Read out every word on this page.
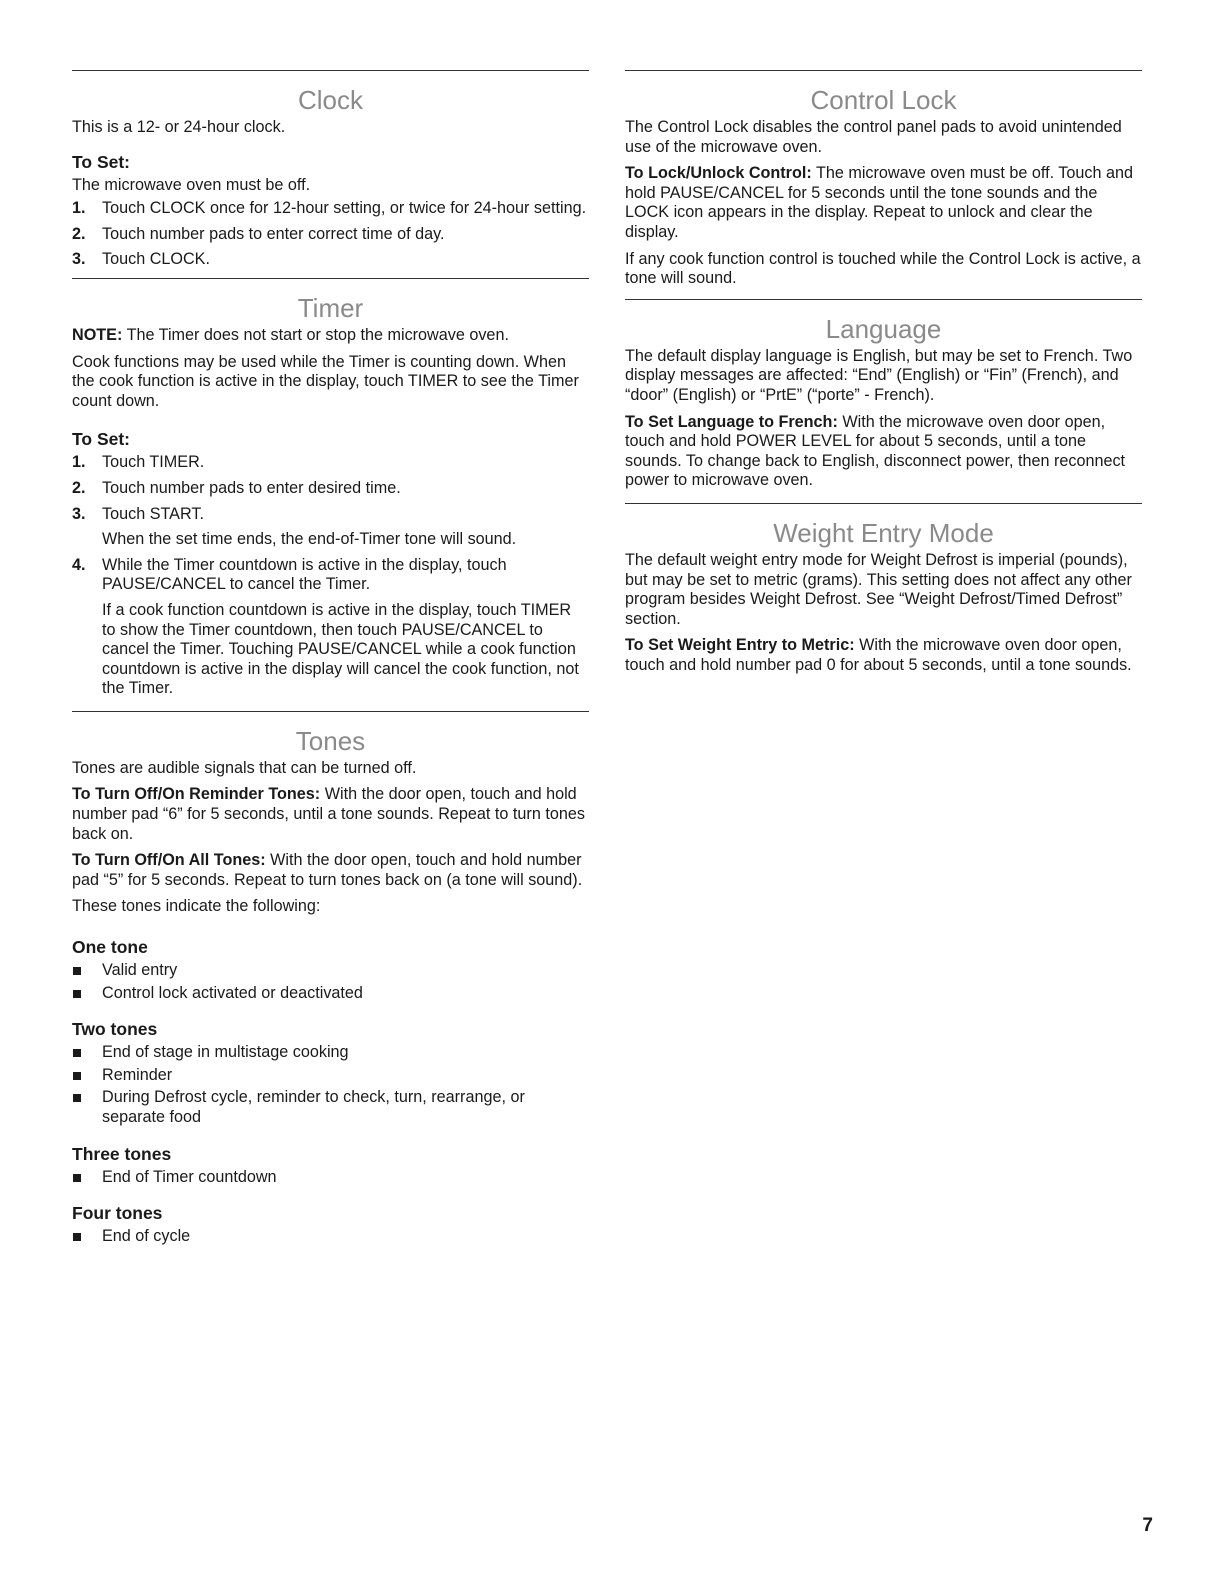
Clock

This is a 12- or 24-hour clock.

To Set:

The microwave oven must be off.

1. Touch CLOCK once for 12-hour setting, or twice for 24-hour setting.
2. Touch number pads to enter correct time of day.
3. Touch CLOCK.
Timer

NOTE: The Timer does not start or stop the microwave oven.

Cook functions may be used while the Timer is counting down. When the cook function is active in the display, touch TIMER to see the Timer count down.

To Set:
1. Touch TIMER.
2. Touch number pads to enter desired time.
3. Touch START.
When the set time ends, the end-of-Timer tone will sound.
4. While the Timer countdown is active in the display, touch PAUSE/CANCEL to cancel the Timer.
If a cook function countdown is active in the display, touch TIMER to show the Timer countdown, then touch PAUSE/CANCEL to cancel the Timer. Touching PAUSE/CANCEL while a cook function countdown is active in the display will cancel the cook function, not the Timer.
Tones

Tones are audible signals that can be turned off.

To Turn Off/On Reminder Tones: With the door open, touch and hold number pad “6” for 5 seconds, until a tone sounds. Repeat to turn tones back on.

To Turn Off/On All Tones: With the door open, touch and hold number pad “5” for 5 seconds. Repeat to turn tones back on (a tone will sound).

These tones indicate the following:

One tone
Valid entry
Control lock activated or deactivated
Two tones
End of stage in multistage cooking
Reminder
During Defrost cycle, reminder to check, turn, rearrange, or separate food
Three tones
End of Timer countdown
Four tones
End of cycle
Control Lock

The Control Lock disables the control panel pads to avoid unintended use of the microwave oven.

To Lock/Unlock Control: The microwave oven must be off. Touch and hold PAUSE/CANCEL for 5 seconds until the tone sounds and the LOCK icon appears in the display. Repeat to unlock and clear the display.

If any cook function control is touched while the Control Lock is active, a tone will sound.

Language

The default display language is English, but may be set to French. Two display messages are affected: “End” (English) or “Fin” (French), and “door” (English) or “PrtE” (“porte” - French).

To Set Language to French: With the microwave oven door open, touch and hold POWER LEVEL for about 5 seconds, until a tone sounds. To change back to English, disconnect power, then reconnect power to microwave oven.

Weight Entry Mode

The default weight entry mode for Weight Defrost is imperial (pounds), but may be set to metric (grams). This setting does not affect any other program besides Weight Defrost. See “Weight Defrost/Timed Defrost” section.

To Set Weight Entry to Metric: With the microwave oven door open, touch and hold number pad 0 for about 5 seconds, until a tone sounds.

7
